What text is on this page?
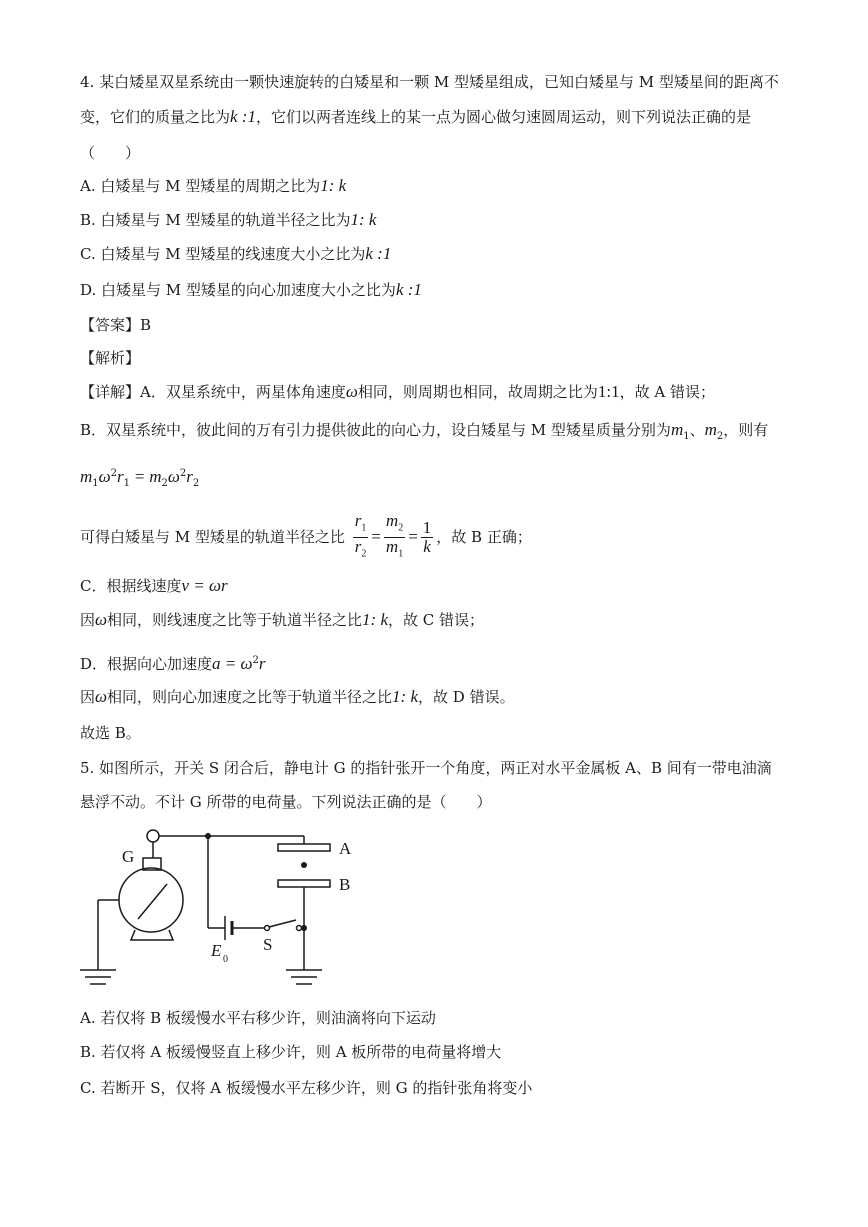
4. 某白矮星双星系统由一颗快速旋转的白矮星和一颗 M 型矮星组成，已知白矮星与 M 型矮星间的距离不
变，它们的质量之比为k :1，它们以两者连线上的某一点为圆心做匀速圆周运动，则下列说法正确的是
（　　）
A. 白矮星与 M 型矮星的周期之比为1: k
B. 白矮星与 M 型矮星的轨道半径之比为1: k
C. 白矮星与 M 型矮星的线速度大小之比为k :1
D. 白矮星与 M 型矮星的向心加速度大小之比为k :1
【答案】B
【解析】
【详解】A．双星系统中，两星体角速度ω相同，则周期也相同，故周期之比为1:1，故 A 错误；
B．双星系统中，彼此间的万有引力提供彼此的向心力，设白矮星与 M 型矮星质量分别为$m_1$、$m_2$，则有
$m_1\omega^2r_1 = m_2\omega^2r_2$
可得白矮星与 M 型矮星的轨道半径之比 $\frac{r_1}{r_2} = \frac{m_2}{m_1} = \frac{1}{k}$ ，故 B 正确；
C．根据线速度v = ωr
因ω相同，则线速度之比等于轨道半径之比1: k，故 C 错误；
D．根据向心加速度$a = \omega^2r$
因ω相同，则向心加速度之比等于轨道半径之比1: k，故 D 错误。
故选 B。
5. 如图所示，开关 S 闭合后，静电计 G 的指针张开一个角度，两正对水平金属板 A、B 间有一带电油滴
悬浮不动。不计 G 所带的电荷量。下列说法正确的是（　　）
G	A
B
E 0
S
A. 若仅将 B 板缓慢水平右移少许，则油滴将向下运动
B. 若仅将 A 板缓慢竖直上移少许，则 A 板所带的电荷量将增大
C. 若断开 S，仅将 A 板缓慢水平左移少许，则 G 的指针张角将变小
